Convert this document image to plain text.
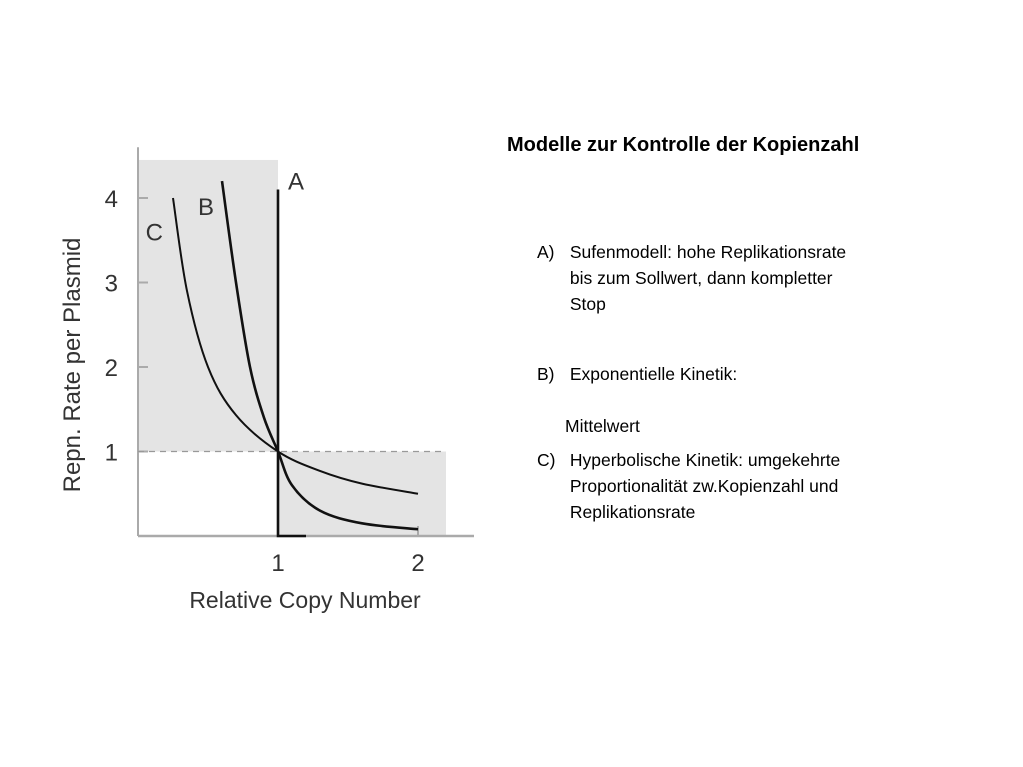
1
2
3
4
1	2
A
B
C
Relative Copy Number
Repn. Rate per Plasmid
Modelle zur Kontrolle der Kopienzahl
A) Sufenmodell: hohe Replikationsrate
bis zum Sollwert, dann kompletter
Stop
B) Exponentielle Kinetik:
Mittelwert
C) Hyperbolische Kinetik: umgekehrte
Proportionalität zw.Kopienzahl und
Replikationsrate
